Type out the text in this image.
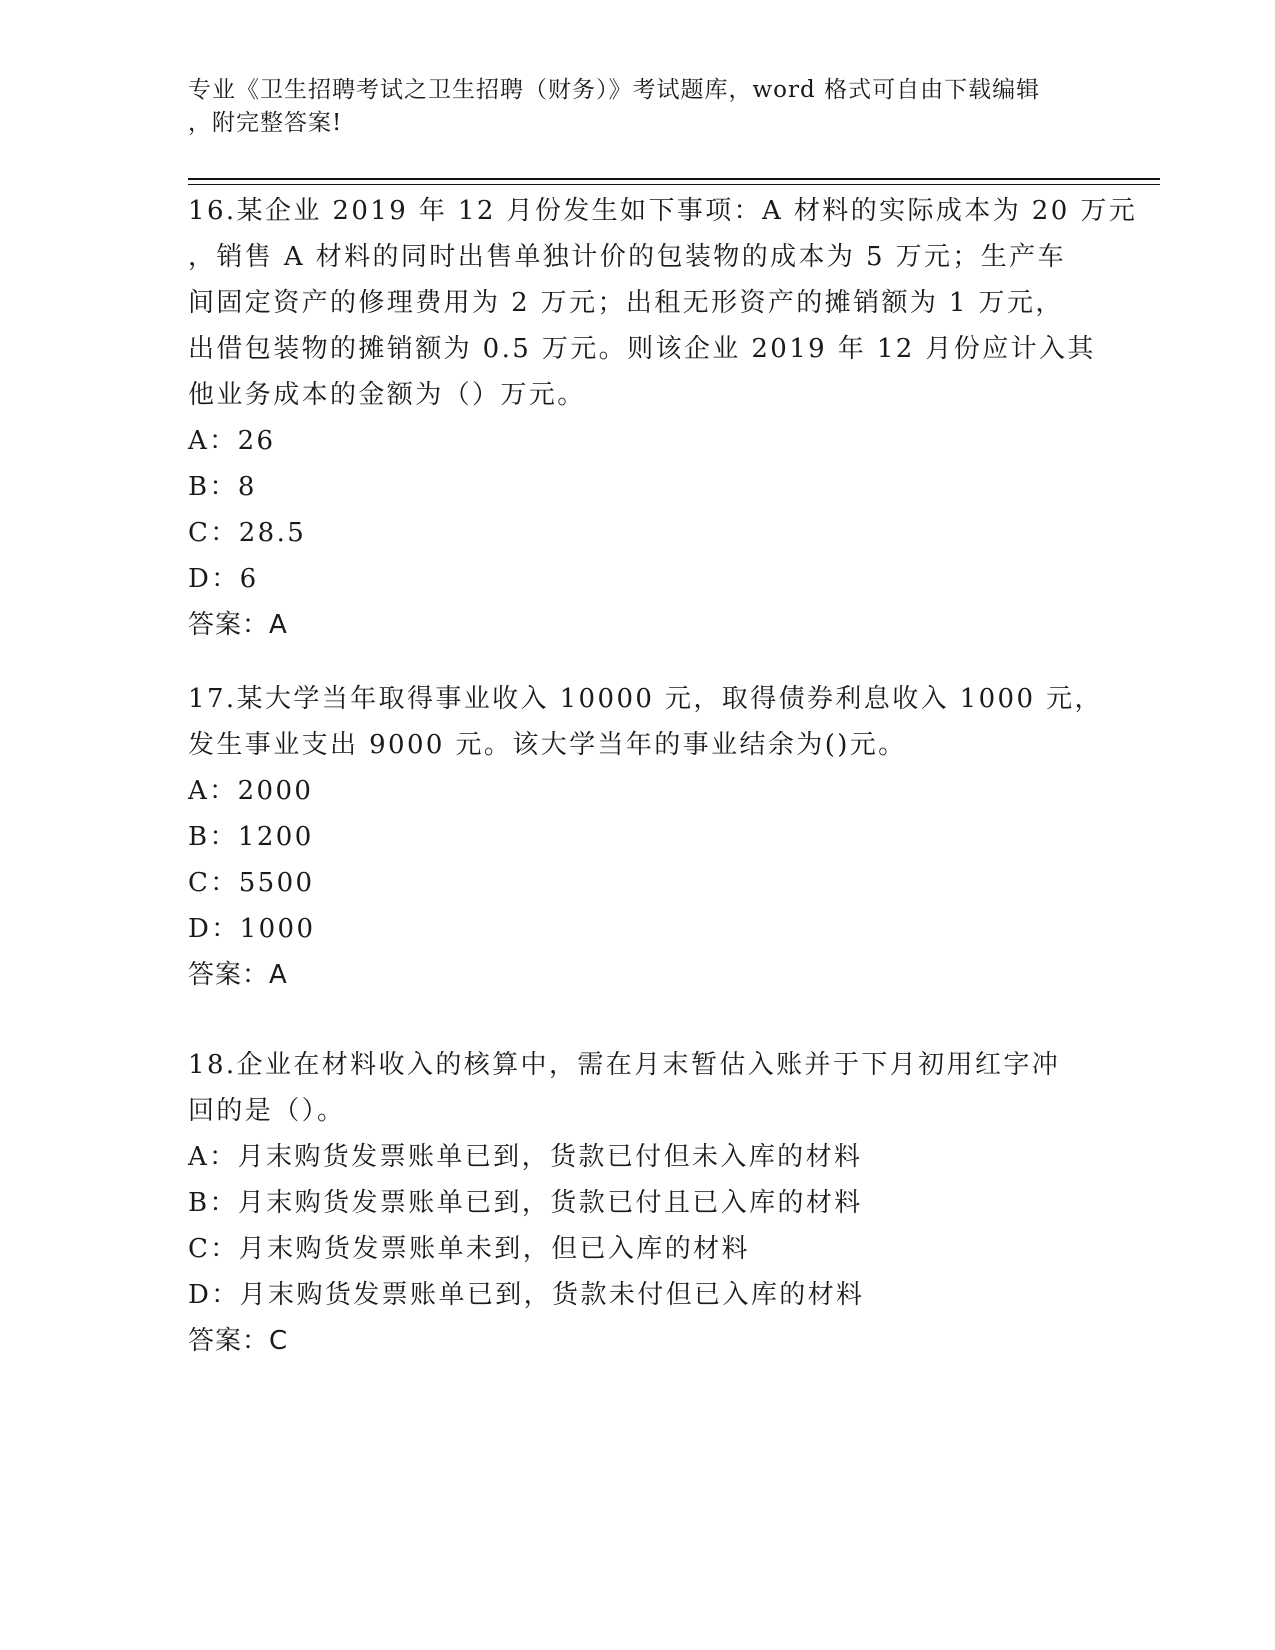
专业《卫生招聘考试之卫生招聘（财务）》考试题库，word 格式可自由下载编辑
，附完整答案!
16.某企业 2019 年 12 月份发生如下事项：A 材料的实际成本为 20 万元
，销售 A 材料的同时出售单独计价的包装物的成本为 5 万元；生产车
间固定资产的修理费用为 2 万元；出租无形资产的摊销额为 1 万元，
出借包装物的摊销额为 0.5 万元。则该企业 2019 年 12 月份应计入其
他业务成本的金额为（）万元。
A：26
B：8
C：28.5
D：6
答案：A
17.某大学当年取得事业收入 10000 元，取得债券利息收入 1000 元，
发生事业支出 9000 元。该大学当年的事业结余为()元。
A：2000
B：1200
C：5500
D：1000
答案：A
18.企业在材料收入的核算中，需在月末暂估入账并于下月初用红字冲
回的是（）。
A：月末购货发票账单已到，货款已付但未入库的材料
B：月末购货发票账单已到，货款已付且已入库的材料
C：月末购货发票账单未到，但已入库的材料
D：月末购货发票账单已到，货款未付但已入库的材料
答案：C
